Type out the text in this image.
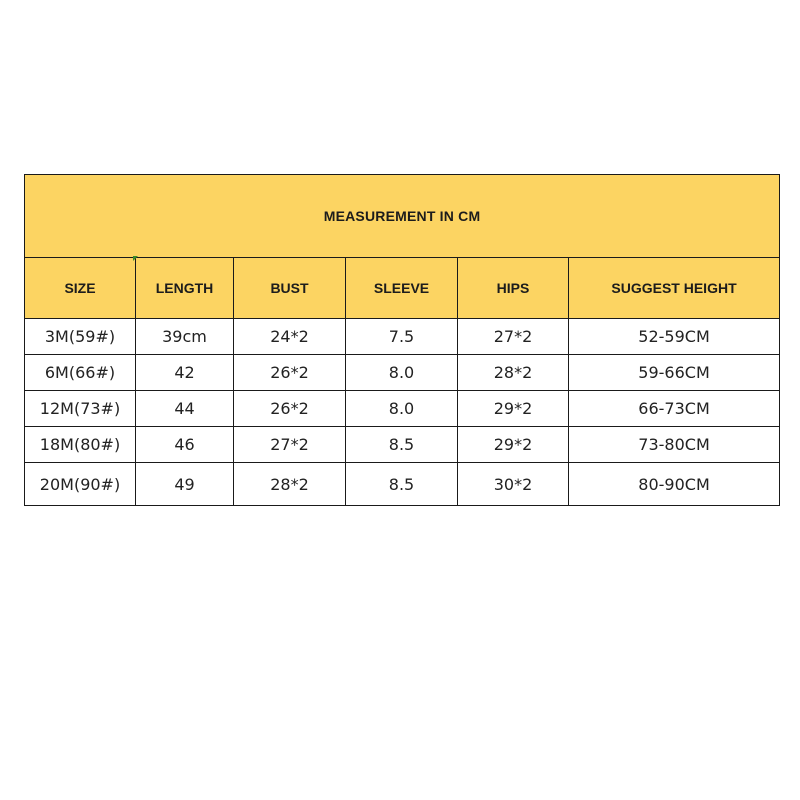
MEASUREMENT IN CM					
SIZE	LENGTH	BUST	SLEEVE	HIPS	SUGGEST HEIGHT
3M(59#)	39cm	24*2	7.5	27*2	52-59CM
6M(66#)	42	26*2	8.0	28*2	59-66CM
12M(73#)	44	26*2	8.0	29*2	66-73CM
18M(80#)	46	27*2	8.5	29*2	73-80CM
20M(90#)	49	28*2	8.5	30*2	80-90CM
